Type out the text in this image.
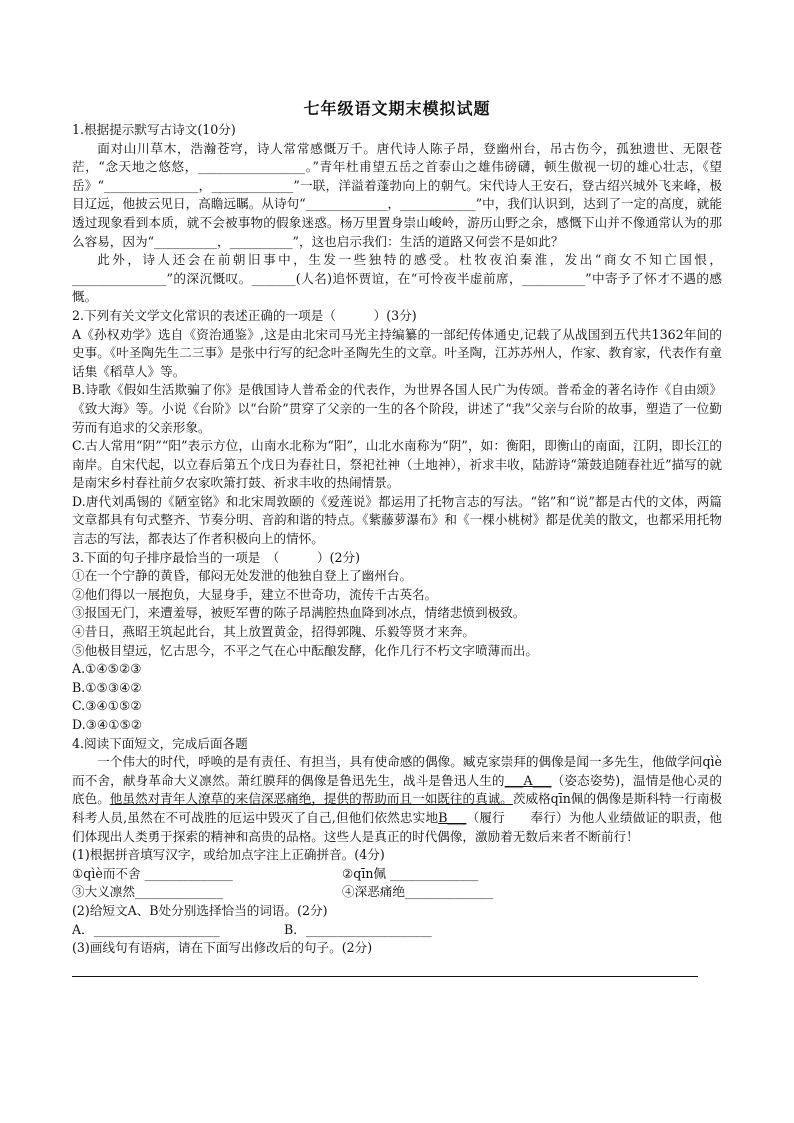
七年级语文期末模拟试题

1.根据提示默写古诗文(10分)

面对山川草木，浩瀚苍穹，诗人常常感慨万千。唐代诗人陈子昂，登幽州台，吊古伤今，孤独遗世、无限苍茫，“念天地之悠悠，_________________。”青年杜甫望五岳之首泰山之雄伟磅礴，顿生傲视一切的雄心壮志，《望岳》“_______________，_____________”一联，洋溢着蓬勃向上的朝气。宋代诗人王安石，登古绍兴城外飞来峰，极目辽远，他披云见日，高瞻远瞩。从诗句“_____________，____________”中，我们认识到，达到了一定的高度，就能透过现象看到本质，就不会被事物的假象迷惑。杨万里置身崇山峻岭，游历山野之余，感慨下山并不像通常认为的那么容易，因为“__________，__________”，这也启示我们：生活的道路又何尝不是如此？

此外，诗人还会在前朝旧事中，生发一些独特的感受。杜牧夜泊秦淮，发出“商女不知亡国恨，_______________”的深沉慨叹。_______(人名)追怀贾谊，在“可怜夜半虚前席，__________”中寄予了怀才不遇的感慨。

2.下列有关文学文化常识的表述正确的一项是（　　　）(3分)

A《孙权劝学》选自《资治通鉴》,这是由北宋司马光主持编纂的一部纪传体通史,记载了从战国到五代共1362年间的史事。《叶圣陶先生二三事》是张中行写的纪念叶圣陶先生的文章。叶圣陶，江苏苏州人，作家、教育家，代表作有童话集《稻草人》等。

B.诗歌《假如生活欺骗了你》是俄国诗人普希金的代表作，为世界各国人民广为传颂。普希金的著名诗作《自由颂》《致大海》等。小说《台阶》以“台阶”贯穿了父亲的一生的各个阶段，讲述了“我”父亲与台阶的故事，塑造了一位勤劳而有追求的父亲形象。

C.古人常用“阴”“阳”表示方位，山南水北称为“阳”，山北水南称为“阴”，如：衡阳，即衡山的南面，江阴，即长江的南岸。自宋代起，以立春后第五个戊日为春社日，祭祀社神（土地神），祈求丰收，陆游诗“箫鼓追随春社近”描写的就是南宋乡村春社前夕农家吹箫打鼓、祈求丰收的热闹情景。

D.唐代刘禹锡的《陋室铭》和北宋周敦颐的《爱莲说》都运用了托物言志的写法。“铭”和“说”都是古代的文体，两篇文章都具有句式整齐、节奏分明、音韵和谐的特点。《紫藤萝瀑布》和《一棵小桃树》都是优美的散文，也都采用托物言志的写法，都表达了作者积极向上的情怀。

3.下面的句子排序最恰当的一项是　（　　　）(2分)

①在一个宁静的黄昏，郁闷无处发泄的他独自登上了幽州台。

②他们得以一展抱负，大显身手，建立不世奇功，流传千古英名。

③报国无门，来遭羞辱，被贬军曹的陈子昂满腔热血降到冰点，情绪悲愤到极致。

④昔日，燕昭王筑起此台，其上放置黄金，招得郭隗、乐毅等贤才来奔。

⑤他极目望远，忆古思今，不平之气在心中酝酿发酵，化作几行不朽文字喷薄而出。

A.①④⑤②③

B.①⑤③④②

C.③④①⑤②

D.③④①⑤②

4.阅读下面短文，完成后面各题

一个伟大的时代，呼唤的是有责任、有担当，具有使命感的偶像。臧克家崇拜的偶像是闻一多先生，他做学问qìè而不舍，献身革命大义凛然。萧红膜拜的偶像是鲁迅先生，战斗是鲁迅人生的___A___（姿态姿势)，温情是他心灵的底色。他虽然对青年人潦草的来信深恶痛绝，提供的帮助而且一如既往的真诚。茨威格qīn佩的偶像是斯科特一行南极科考人员,虽然在不可战胜的厄运中毁灭了自己,但他们依然忠实地B___（履行　　奉行）为他人业绩做证的职责，他们体现出人类勇于探索的精神和高贵的品格。这些人是真正的时代偶像，激励着无数后来者不断前行！

(1)根据拼音填写汉字，或给加点字注上正确拼音。(4分)

①qìè而不舍 ______________	②qīn佩 ______________
③大义凛然______________	④深恶痛绝______________

(2)给短文A、B处分别选择恰当的词语。(2分)

A．____________________	B．____________________

(3)画线句有语病，请在下面写出修改后的句子。(2分)
